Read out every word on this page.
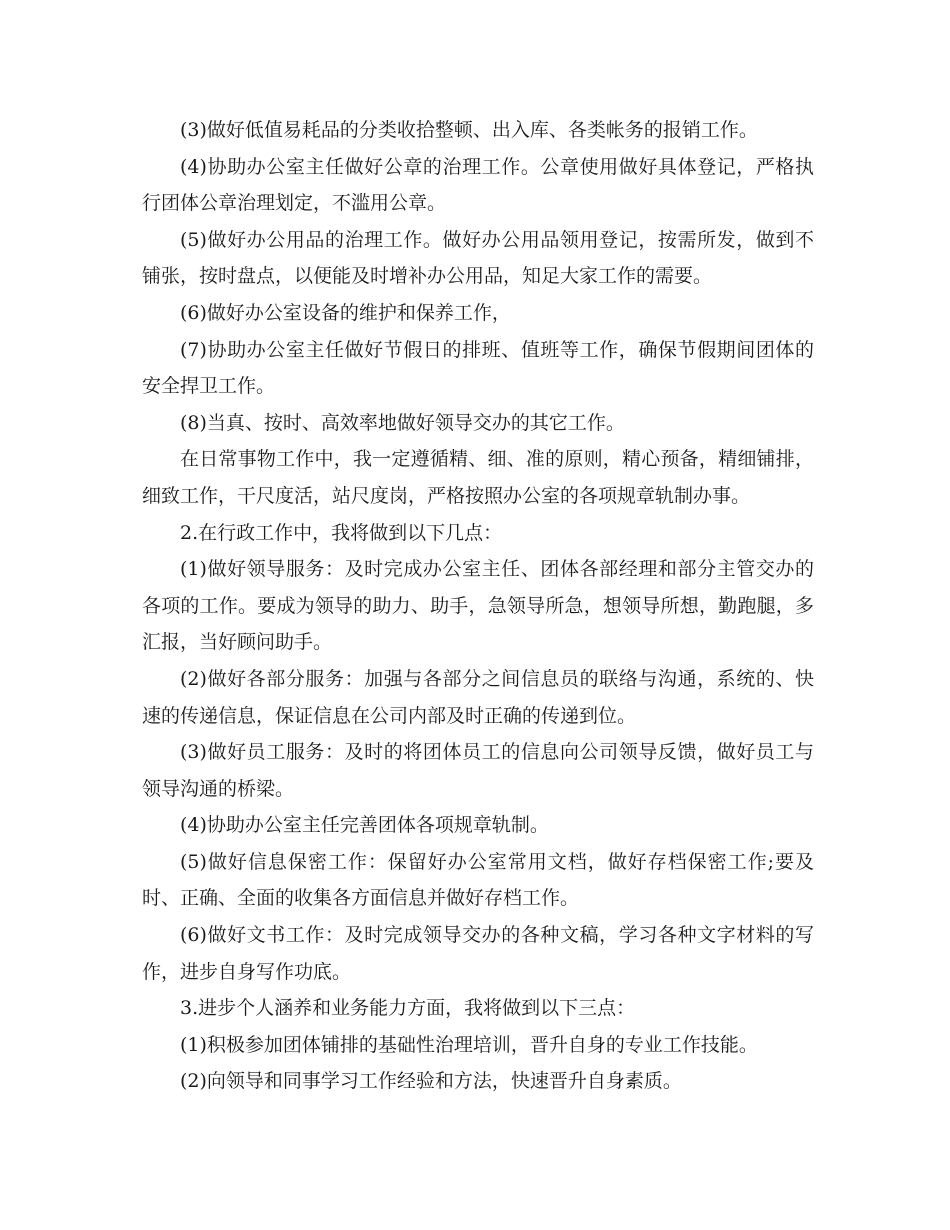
(3)做好低值易耗品的分类收拾整顿、出入库、各类帐务的报销工作。

(4)协助办公室主任做好公章的治理工作。公章使用做好具体登记，严格执行团体公章治理划定，不滥用公章。

(5)做好办公用品的治理工作。做好办公用品领用登记，按需所发，做到不铺张，按时盘点，以便能及时增补办公用品，知足大家工作的需要。

(6)做好办公室设备的维护和保养工作，

(7)协助办公室主任做好节假日的排班、值班等工作，确保节假期间团体的安全捍卫工作。

(8)当真、按时、高效率地做好领导交办的其它工作。

在日常事物工作中，我一定遵循精、细、准的原则，精心预备，精细铺排，细致工作，干尺度活，站尺度岗，严格按照办公室的各项规章轨制办事。

2.在行政工作中，我将做到以下几点：

(1)做好领导服务：及时完成办公室主任、团体各部经理和部分主管交办的各项的工作。要成为领导的助力、助手，急领导所急，想领导所想，勤跑腿，多汇报，当好顾问助手。

(2)做好各部分服务：加强与各部分之间信息员的联络与沟通，系统的、快速的传递信息，保证信息在公司内部及时正确的传递到位。

(3)做好员工服务：及时的将团体员工的信息向公司领导反馈，做好员工与领导沟通的桥梁。

(4)协助办公室主任完善团体各项规章轨制。

(5)做好信息保密工作：保留好办公室常用文档，做好存档保密工作;要及时、正确、全面的收集各方面信息并做好存档工作。

(6)做好文书工作：及时完成领导交办的各种文稿，学习各种文字材料的写作，进步自身写作功底。

3.进步个人涵养和业务能力方面，我将做到以下三点：

(1)积极参加团体铺排的基础性治理培训，晋升自身的专业工作技能。

(2)向领导和同事学习工作经验和方法，快速晋升自身素质。
